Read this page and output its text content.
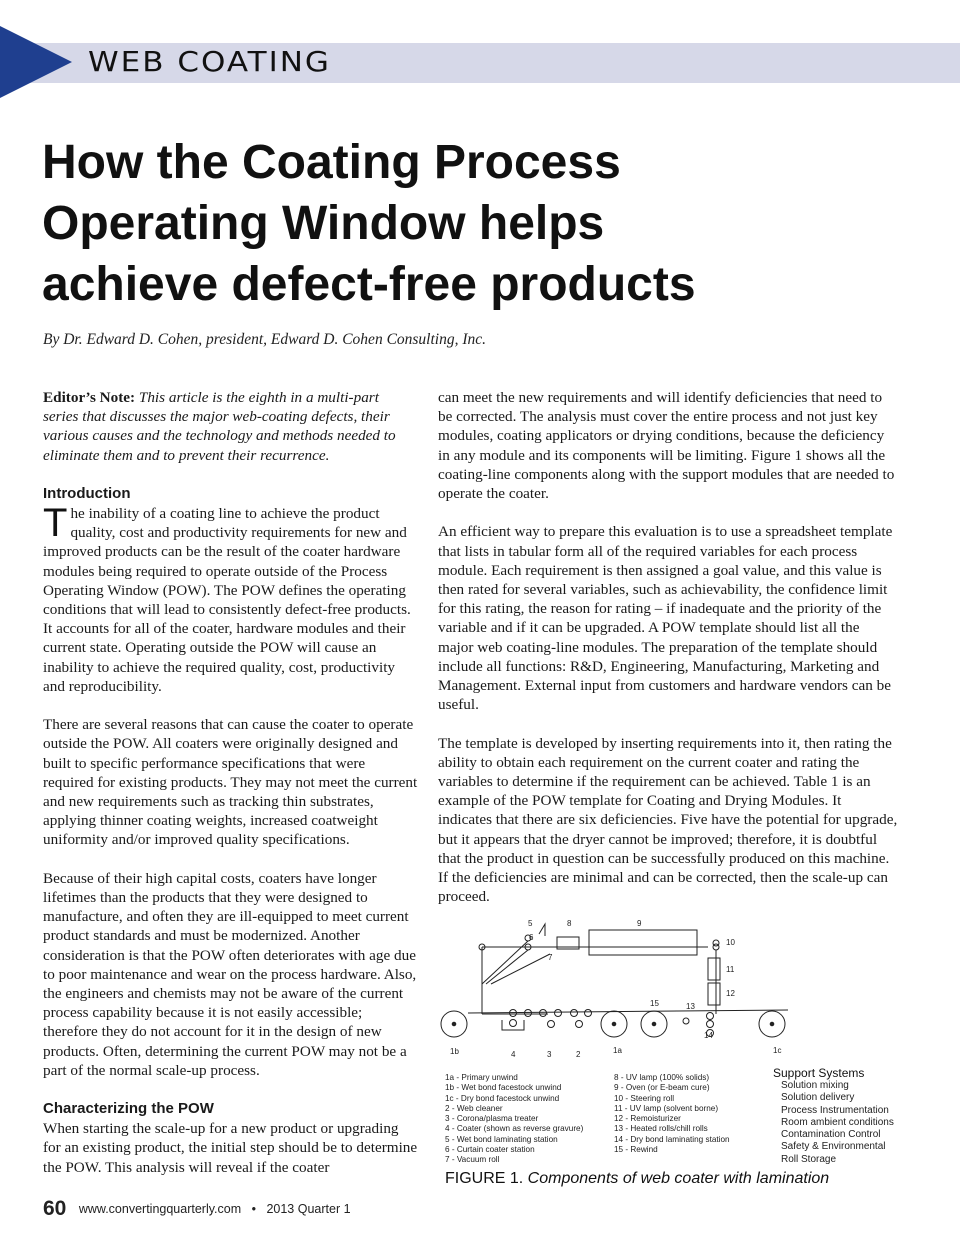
WEB COATING
How the Coating Process
Operating Window helps
achieve defect-free products
By Dr. Edward D. Cohen, president, Edward D. Cohen Consulting, Inc.

Editor’s Note: This article is the eighth in a multi-part series that discusses the major web-coating defects, their various causes and the technology and methods needed to eliminate them and to prevent their recurrence.

Introduction

The inability of a coating line to achieve the product quality, cost and productivity requirements for new and improved products can be the result of the coater hardware modules being required to operate outside of the Process Operating Window (POW). The POW defines the operating conditions that will lead to consistently defect-free products. It accounts for all of the coater, hardware modules and their current state. Operating outside the POW will cause an inability to achieve the required quality, cost, productivity and reproducibility.

There are several reasons that can cause the coater to operate outside the POW. All coaters were originally designed and built to specific performance specifications that were required for existing products. They may not meet the current and new requirements such as tracking thin substrates, applying thinner coating weights, increased coatweight uniformity and/or improved quality specifications.

Because of their high capital costs, coaters have longer lifetimes than the products that they were designed to manufacture, and often they are ill-equipped to meet current product standards and must be modernized. Another consideration is that the POW often deteriorates with age due to poor maintenance and wear on the process hardware. Also, the engineers and chemists may not be aware of the current process capability because it is not easily accessible; therefore they do not account for it in the design of new products. Often, determining the current POW may not be a part of the normal scale-up process.

Characterizing the POW

When starting the scale-up for a new product or upgrading for an existing product, the initial step should be to determine the POW. This analysis will reveal if the coater

can meet the new requirements and will identify deficiencies that need to be corrected. The analysis must cover the entire process and not just key modules, coating applicators or drying conditions, because the deficiency in any module and its components will be limiting. Figure 1 shows all the coating-line components along with the support modules that are needed to operate the coater.

An efficient way to prepare this evaluation is to use a spreadsheet template that lists in tabular form all of the required variables for each process module. Each requirement is then assigned a goal value, and this value is then rated for several variables, such as achievability, the confidence limit for this rating, the reason for rating – if inadequate and the priority of the variable and if it can be upgraded. A POW template should list all the major web coating-line modules. The preparation of the template should include all functions: R&D, Engineering, Manufacturing, Marketing and Management. External input from customers and hardware vendors can be useful.

The template is developed by inserting requirements into it, then rating the ability to obtain each requirement on the current coater and rating the variables to determine if the requirement can be achieved. Table 1 is an example of the POW template for Coating and Drying Modules. It indicates that there are six deficiencies. Five have the potential for upgrade, but it appears that the dryer cannot be improved; therefore, it is doubtful that the product in question can be successfully produced on this machine. If the deficiencies are minimal and can be corrected, then the scale-up can proceed.

5
6
8	9
7
10
11
12
15	13
14
1b	4	3	2	1a	1c
1a - Primary unwind
1b - Wet bond facestock unwind
1c - Dry bond facestock unwind
2 - Web cleaner
3 - Corona/plasma treater
4 - Coater (shown as reverse gravure)
5 - Wet bond laminating station
6 - Curtain coater station
7 - Vacuum roll
8 - UV lamp (100% solids)
9 - Oven (or E-beam cure)
10 - Steering roll
11 - UV lamp (solvent borne)
12 - Remoisturizer
13 - Heated rolls/chill rolls
14 - Dry bond laminating station
15 - Rewind
Support Systems
Solution mixing
Solution delivery
Process Instrumentation
Room ambient conditions
Contamination Control
Safety & Environmental
Roll Storage
FIGURE 1. Components of web coater with lamination
60 www.convertingquarterly.com • 2013 Quarter 1
